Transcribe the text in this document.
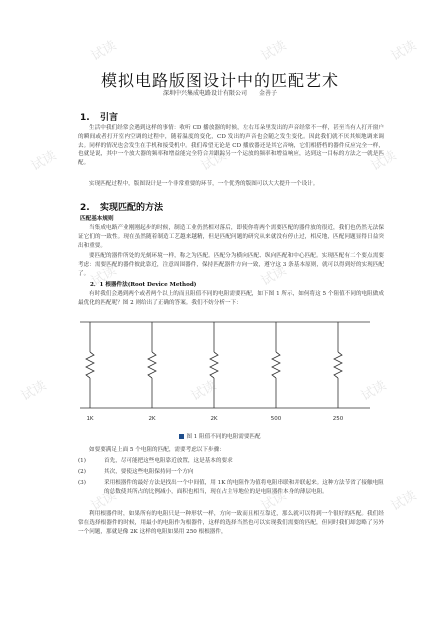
试读	试读	试读
试读	试读	试读
试读	试读
试读	试读	试读
试读	试读	试读
模拟电路版图设计中的匹配艺术
深圳中兴集成电路设计有限公司　　金善子
1. 引言
生活中我们经常会遇到这样的事情：收听 CD 播放器的时候，左右耳朵里发出的声音经常不一样，甚至当有人打开窗户的瞬间或者打开室内空调的过程中，随着温度的变化，CD 发出的声音也会随之发生变化。因此我们就不厌其烦地调来调去。同样的情况也会发生在手机和接受机中。我们希望无论是 CD 播放器还是其它音响，它们相搭档的器件反应完全一样，也就是说，其中一个放大器的频率和增益能完全符合并跟踪另一个运放的频率和增益响应，达到这一目标的方法之一就是匹配。
实现匹配过程中，版图设计是一个非常重要的环节，一个优秀的版图可以大大提升一个设计。
2. 实现匹配的方法
匹配基本规则
当集成电路产业刚刚起步的时候，制造工业仍然相对落后，即使你将两个需要匹配的器件放的很近，我们也仍然无法保证它们的一致性。现在虽然随着制造工艺越来越精，但是匹配问题的研究从来就没有停止过，相反地，匹配问题显得日益突出和重要。
要匹配的器件所处的光刻环境一样，称之为匹配。匹配分为横向匹配、纵向匹配和中心匹配。实现匹配有二个要点需要考虑：需要匹配的器件彼此靠近，注意周围器件，保持匹配器件方向一致，遵守这 3 条基本原则，就可以得到好的实现匹配了。
2．1 根器件法(Root Device Method)
有时我们会遇到两个或者两个以上的而且阻值不同的电阻需要匹配，如下图 1 所示，如何将这 5 个阻值不同的电阻做成最优化的匹配呢？图 2 则给出了正确的答案。我们不妨分析一下：
1K	2K	2K	500	250
图 1 阻值不同的电阻需要匹配
如要要满足上面 5 个电阻的匹配，需要考虑以下步骤：
(1)	首先，尽可能把这些电阻靠近放置，这是基本的要求
(2)	其次，要使这些电阻保持同一个方向
(3)	采用根器件的最好方法是找出一个中间值，用 1K 的电阻作为值将电阻串联和并联起来。这种方法节省了接触电阻的总数使其所占的比例减小，面积也相当，现在占主导地位的是电阻器件本身的薄层电阻。
利用根器件时，如果所有的电阻只是一种形状一样，方向一致而且相互靠近，那么就可以得到一个很好的匹配。我们经常在选择根器件的时候，用最小的电阻作为根器件，这样的选择当然也可以实现我们需要的匹配，但同时我们却忽略了另外一个问题，那就是像 2K 这样的电阻如果用 250 根根器件，
